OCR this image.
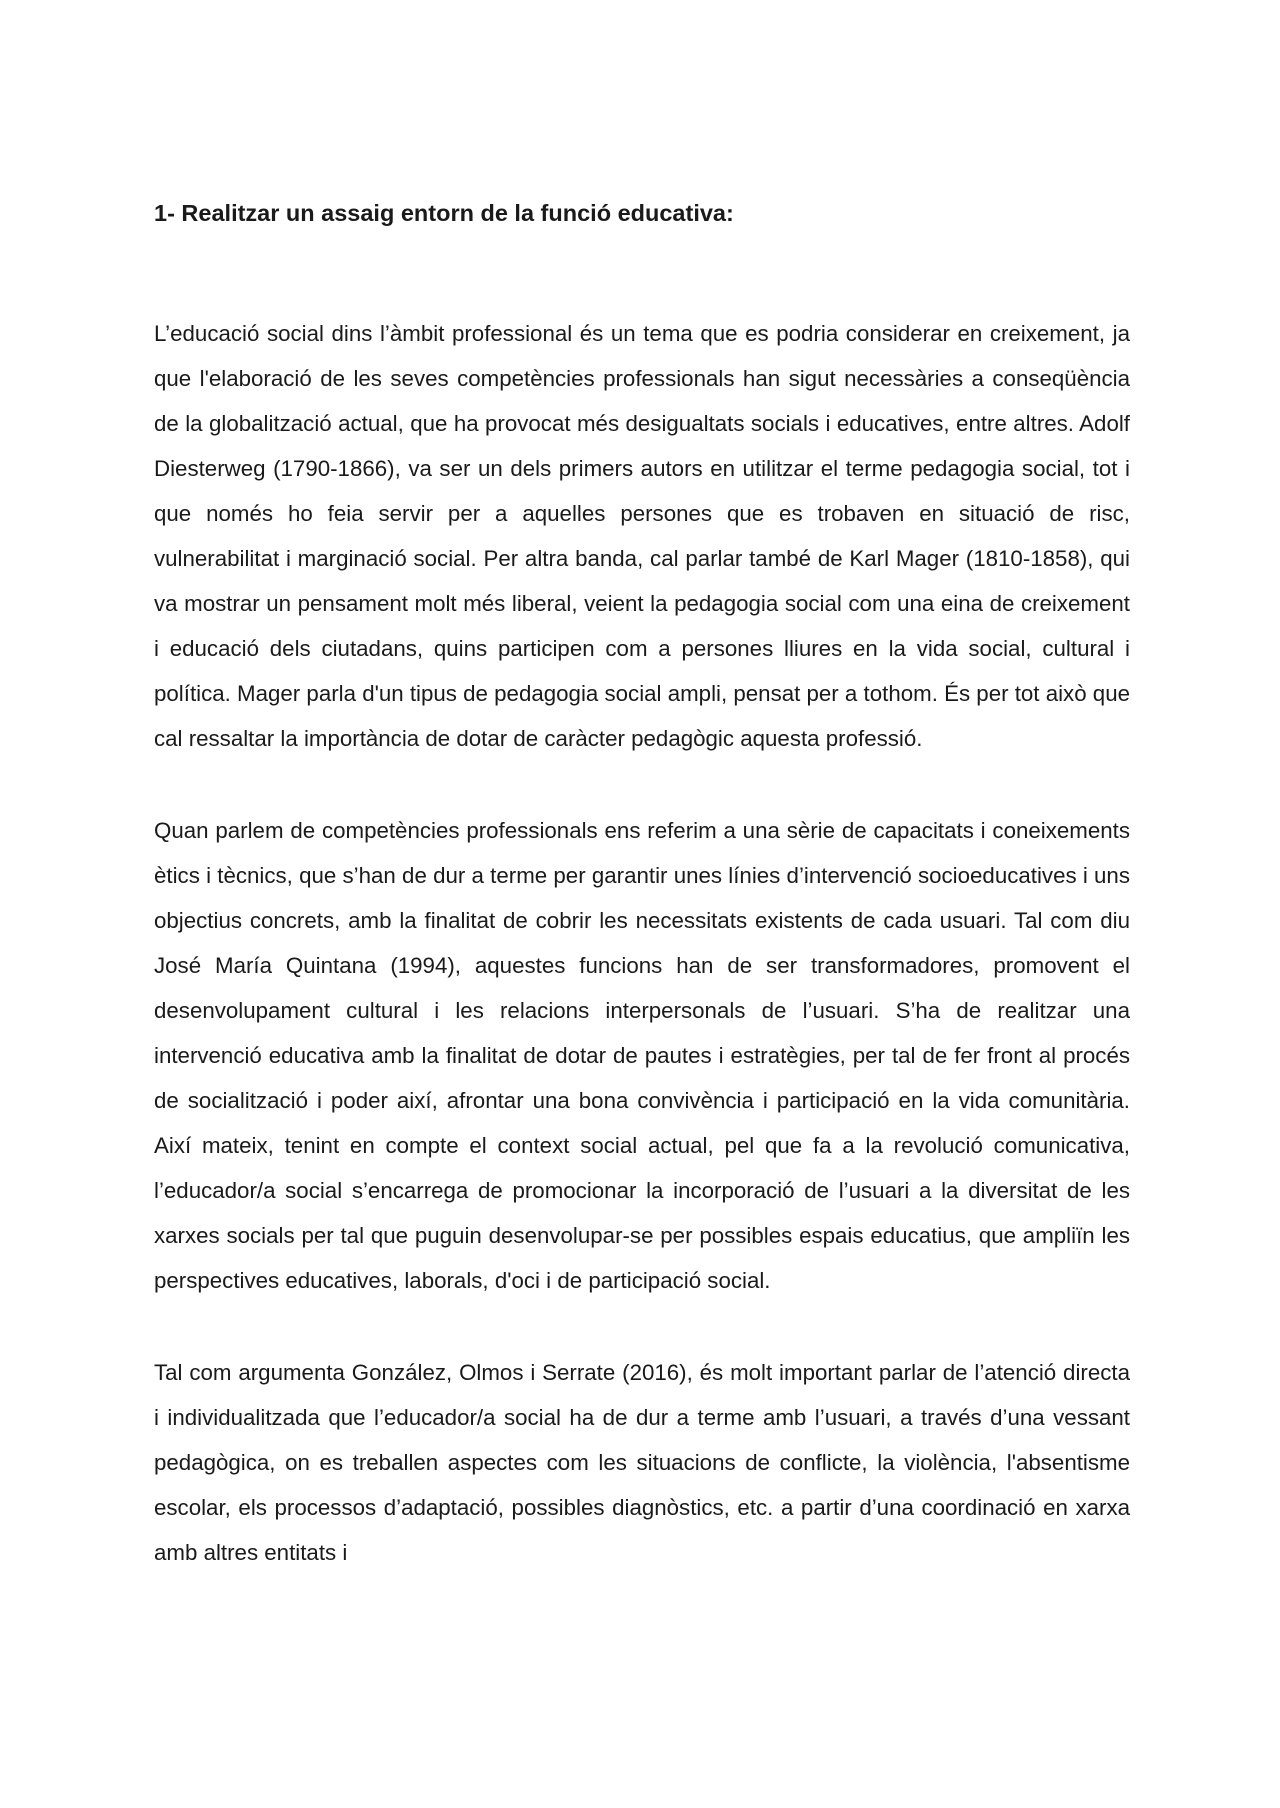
1- Realitzar un assaig entorn de la funció educativa:

L’educació social dins l’àmbit professional és un tema que es podria considerar en creixement, ja que l'elaboració de les seves competències professionals han sigut necessàries a conseqüència de la globalització actual, que ha provocat més desigualtats socials i educatives, entre altres. Adolf Diesterweg (1790-1866), va ser un dels primers autors en utilitzar el terme pedagogia social, tot i que només ho feia servir per a aquelles persones que es trobaven en situació de risc, vulnerabilitat i marginació social. Per altra banda, cal parlar també de Karl Mager (1810-1858), qui va mostrar un pensament molt més liberal, veient la pedagogia social com una eina de creixement i educació dels ciutadans, quins participen com a persones lliures en la vida social, cultural i política. Mager parla d'un tipus de pedagogia social ampli, pensat per a tothom. És per tot això que cal ressaltar la importància de dotar de caràcter pedagògic aquesta professió.

Quan parlem de competències professionals ens referim a una sèrie de capacitats i coneixements ètics i tècnics, que s’han de dur a terme per garantir unes línies d’intervenció socioeducatives i uns objectius concrets, amb la finalitat de cobrir les necessitats existents de cada usuari. Tal com diu José María Quintana (1994), aquestes funcions han de ser transformadores, promovent el desenvolupament cultural i les relacions interpersonals de l’usuari. S’ha de realitzar una intervenció educativa amb la finalitat de dotar de pautes i estratègies, per tal de fer front al procés de socialització i poder així, afrontar una bona convivència i participació en la vida comunitària. Així mateix, tenint en compte el context social actual, pel que fa a la revolució comunicativa, l’educador/a social s’encarrega de promocionar la incorporació de l’usuari a la diversitat de les xarxes socials per tal que puguin desenvolupar-se per possibles espais educatius, que ampliïn les perspectives educatives, laborals, d'oci i de participació social.

Tal com argumenta González, Olmos i Serrate (2016), és molt important parlar de l’atenció directa i individualitzada que l’educador/a social ha de dur a terme amb l’usuari, a través d’una vessant pedagògica, on es treballen aspectes com les situacions de conflicte, la violència, l'absentisme escolar, els processos d’adaptació, possibles diagnòstics, etc. a partir d’una coordinació en xarxa amb altres entitats i
